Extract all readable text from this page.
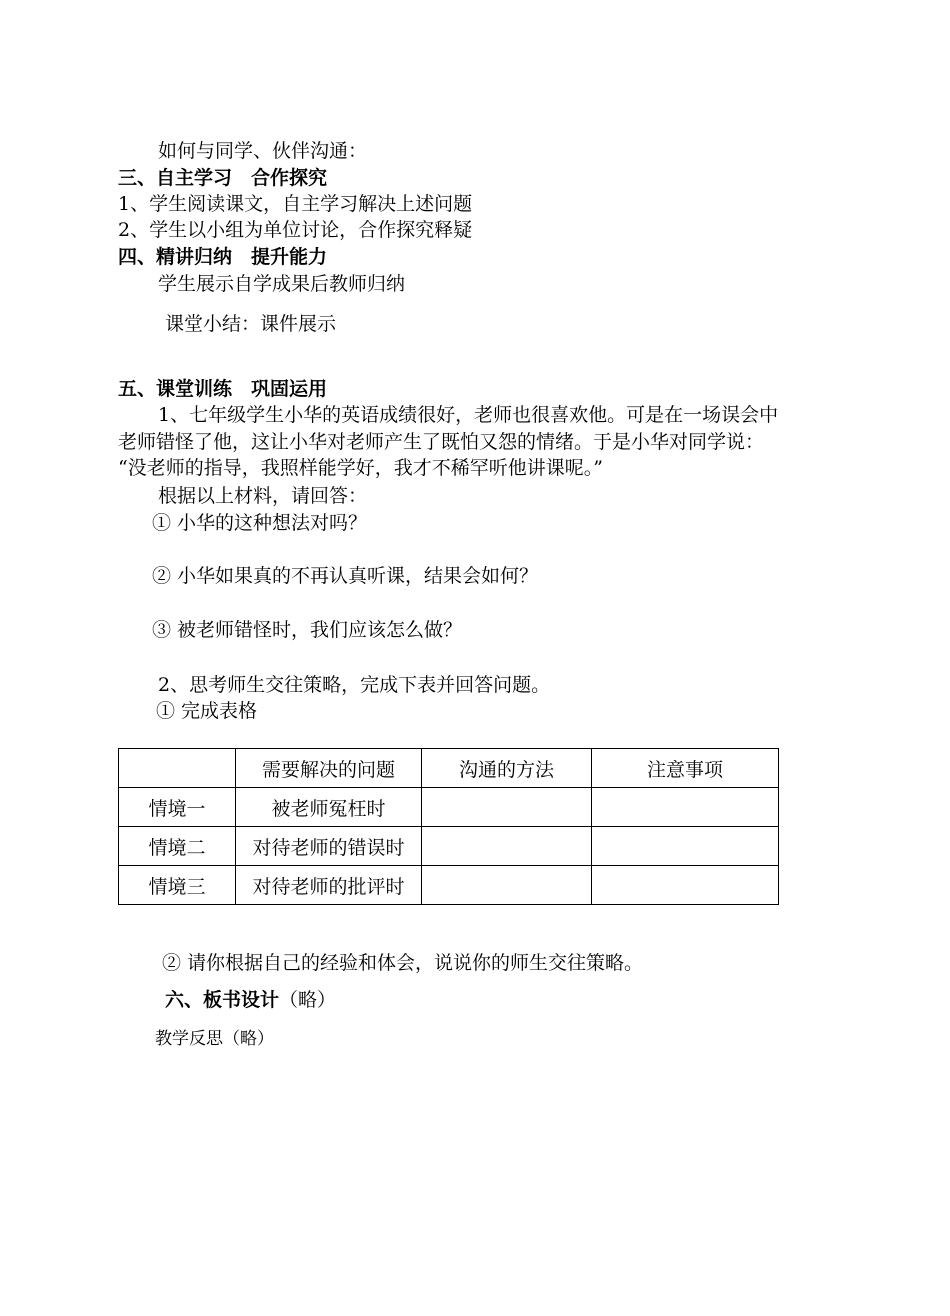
如何与同学、伙伴沟通：
三、自主学习　合作探究
1、学生阅读课文，自主学习解决上述问题
2、学生以小组为单位讨论，合作探究释疑
四、精讲归纳　提升能力
学生展示自学成果后教师归纳
课堂小结：课件展示
五、课堂训练　巩固运用
1、七年级学生小华的英语成绩很好，老师也很喜欢他。可是在一场误会中
老师错怪了他，这让小华对老师产生了既怕又怨的情绪。于是小华对同学说：
“没老师的指导，我照样能学好，我才不稀罕听他讲课呢。”
根据以上材料，请回答：
① 小华的这种想法对吗？
② 小华如果真的不再认真听课，结果会如何？
③ 被老师错怪时，我们应该怎么做？
2、思考师生交往策略，完成下表并回答问题。
① 完成表格
	需要解决的问题	沟通的方法	注意事项
情境一	被老师冤枉时		
情境二	对待老师的错误时		
情境三	对待老师的批评时		
② 请你根据自己的经验和体会，说说你的师生交往策略。
六、板书设计（略）
教学反思（略）
